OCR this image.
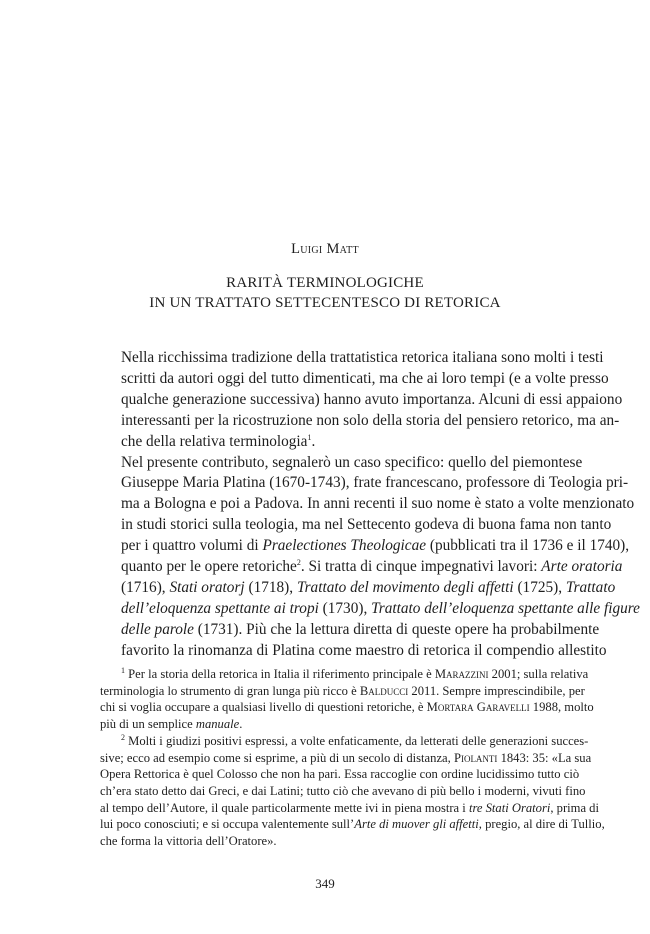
Luigi Matt
RARITÀ TERMINOLOGICHE
IN UN TRATTATO SETTECENTESCO DI RETORICA

Nella ricchissima tradizione della trattatistica retorica italiana sono molti i testi
scritti da autori oggi del tutto dimenticati, ma che ai loro tempi (e a volte presso
qualche generazione successiva) hanno avuto importanza. Alcuni di essi appaiono
interessanti per la ricostruzione non solo della storia del pensiero retorico, ma an-
che della relativa terminologia$^1$.

Nel presente contributo, segnalerò un caso specifico: quello del piemontese
Giuseppe Maria Platina (1670-1743), frate francescano, professore di Teologia pri-
ma a Bologna e poi a Padova. In anni recenti il suo nome è stato a volte menzionato
in studi storici sulla teologia, ma nel Settecento godeva di buona fama non tanto
per i quattro volumi di Praelectiones Theologicae (pubblicati tra il 1736 e il 1740),
quanto per le opere retoriche$^2$. Si tratta di cinque impegnativi lavori: Arte oratoria
(1716), Stati oratorj (1718), Trattato del movimento degli affetti (1725), Trattato
dell’eloquenza spettante ai tropi (1730), Trattato dell’eloquenza spettante alle figure
delle parole (1731). Più che la lettura diretta di queste opere ha probabilmente
favorito la rinomanza di Platina come maestro di retorica il compendio allestito

$^1$ Per la storia della retorica in Italia il riferimento principale è Marazzini 2001; sulla relativa
terminologia lo strumento di gran lunga più ricco è Balducci 2011. Sempre imprescindibile, per
chi si voglia occupare a qualsiasi livello di questioni retoriche, è Mortara Garavelli 1988, molto
più di un semplice manuale.

$^2$ Molti i giudizi positivi espressi, a volte enfaticamente, da letterati delle generazioni succes-
sive; ecco ad esempio come si esprime, a più di un secolo di distanza, Piolanti 1843: 35: «La sua
Opera Rettorica è quel Colosso che non ha pari. Essa raccoglie con ordine lucidissimo tutto ciò
ch’era stato detto dai Greci, e dai Latini; tutto ciò che avevano di più bello i moderni, vivuti fino
al tempo dell’Autore, il quale particolarmente mette ivi in piena mostra i tre Stati Oratori, prima di
lui poco conosciuti; e si occupa valentemente sull’Arte di muover gli affetti, pregio, al dire di Tullio,
che forma la vittoria dell’Oratore».

349
